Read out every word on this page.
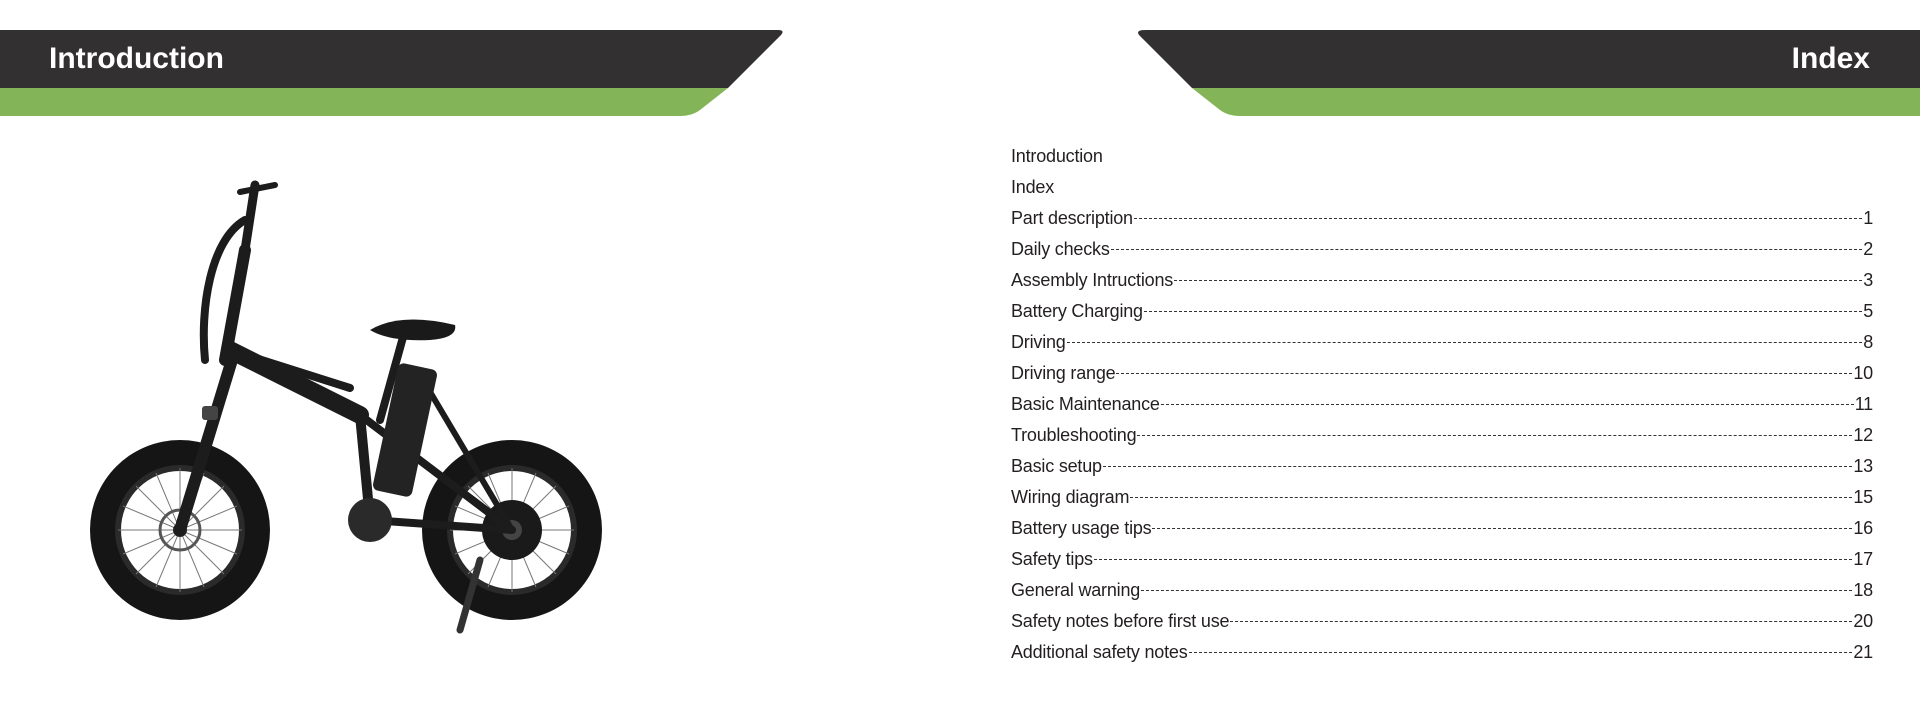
Introduction	Index
Introduction
Index
Part description	1
Daily checks	2
Assembly Intructions	3
Battery Charging	5
Driving	8
Driving range	10
Basic Maintenance	11
Troubleshooting	12
Basic setup	13
Wiring diagram	15
Battery usage tips	16
Safety tips	17
General warning	18
Safety notes before first use	20
Additional safety notes	21
